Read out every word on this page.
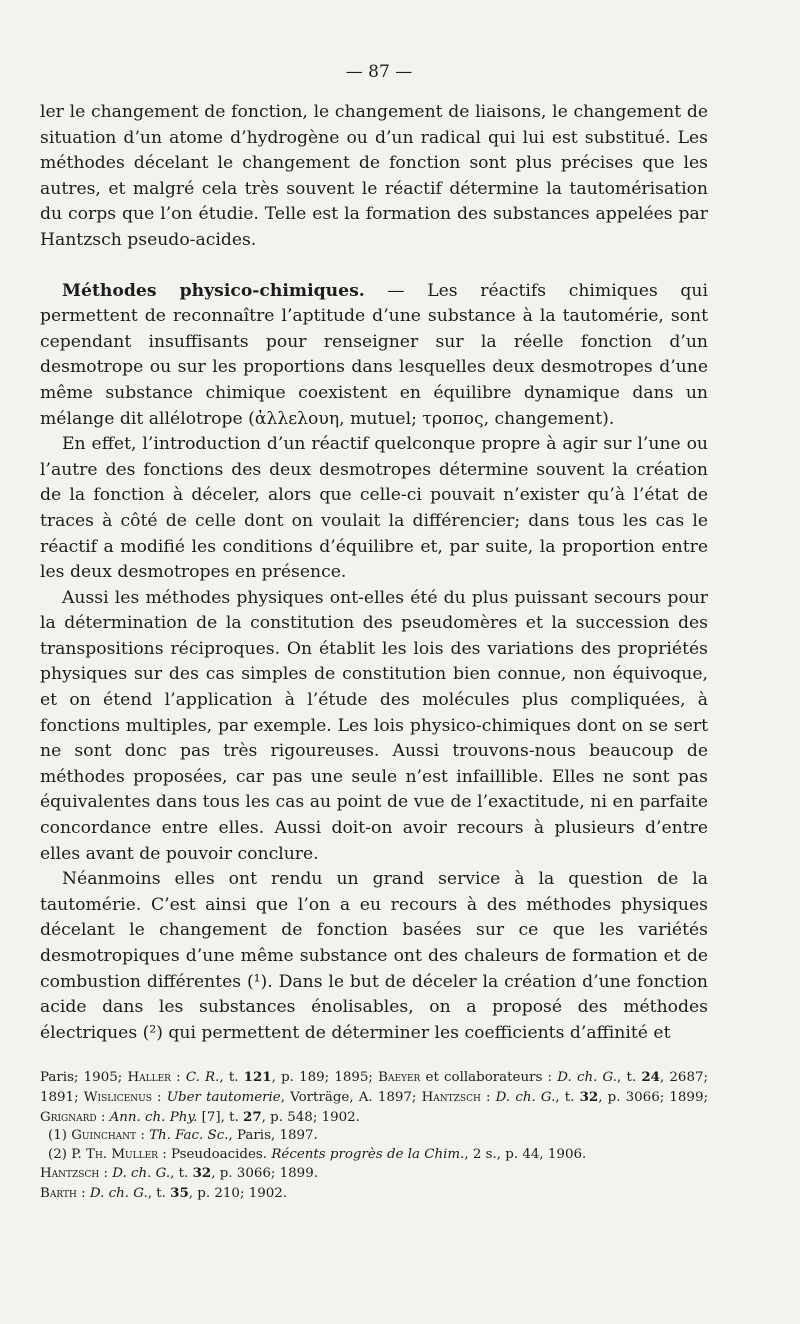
— 87 —

ler le changement de fonction, le changement de liaisons, le changement de situation d’un atome d’hydrogène ou d’un radical qui lui est substitué. Les méthodes décelant le changement de fonction sont plus précises que les autres, et malgré cela très souvent le réactif détermine la tautomérisation du corps que l’on étudie. Telle est la formation des substances appelées par Hantzsch pseudo-acides.

Méthodes physico-chimiques. — Les réactifs chimiques qui permettent de reconnaître l’aptitude d’une substance à la tautomérie, sont cependant insuffisants pour renseigner sur la réelle fonction d’un desmotrope ou sur les proportions dans lesquelles deux desmotropes d’une même substance chimique coexistent en équilibre dynamique dans un mélange dit allélotrope (ἀλλελουη, mutuel; τροπος, changement).

En effet, l’introduction d’un réactif quelconque propre à agir sur l’une ou l’autre des fonctions des deux desmotropes détermine souvent la création de la fonction à déceler, alors que celle-ci pouvait n’exister qu’à l’état de traces à côté de celle dont on voulait la différencier; dans tous les cas le réactif a modifié les conditions d’équilibre et, par suite, la proportion entre les deux desmotropes en présence.

Aussi les méthodes physiques ont-elles été du plus puissant secours pour la détermination de la constitution des pseudomères et la succession des transpositions réciproques. On établit les lois des variations des propriétés physiques sur des cas simples de constitution bien connue, non équivoque, et on étend l’application à l’étude des molécules plus compliquées, à fonctions multiples, par exemple. Les lois physico-chimiques dont on se sert ne sont donc pas très rigoureuses. Aussi trouvons-nous beaucoup de méthodes proposées, car pas une seule n’est infaillible. Elles ne sont pas équivalentes dans tous les cas au point de vue de l’exactitude, ni en parfaite concordance entre elles. Aussi doit-on avoir recours à plusieurs d’entre elles avant de pouvoir conclure.

Néanmoins elles ont rendu un grand service à la question de la tautomérie. C’est ainsi que l’on a eu recours à des méthodes physiques décelant le changement de fonction basées sur ce que les variétés desmotropiques d’une même substance ont des chaleurs de formation et de combustion différentes (¹). Dans le but de déceler la création d’une fonction acide dans les substances énolisables, on a proposé des méthodes électriques (²) qui permettent de déterminer les coefficients d’affinité et

Paris; 1905; Haller : C. R., t. 121, p. 189; 1895; Baeyer et collaborateurs : D. ch. G., t. 24, 2687; 1891; Wislicenus : Uber tautomerie, Vorträge, A. 1897; Hantzsch : D. ch. G., t. 32, p. 3066; 1899; Grignard : Ann. ch. Phy. [7], t. 27, p. 548; 1902.

(1) Guinchant : Th. Fac. Sc., Paris, 1897.

(2) P. Th. Muller : Pseudoacides. Récents progrès de la Chim., 2 s., p. 44, 1906.

Hantzsch : D. ch. G., t. 32, p. 3066; 1899.

Barth : D. ch. G., t. 35, p. 210; 1902.
